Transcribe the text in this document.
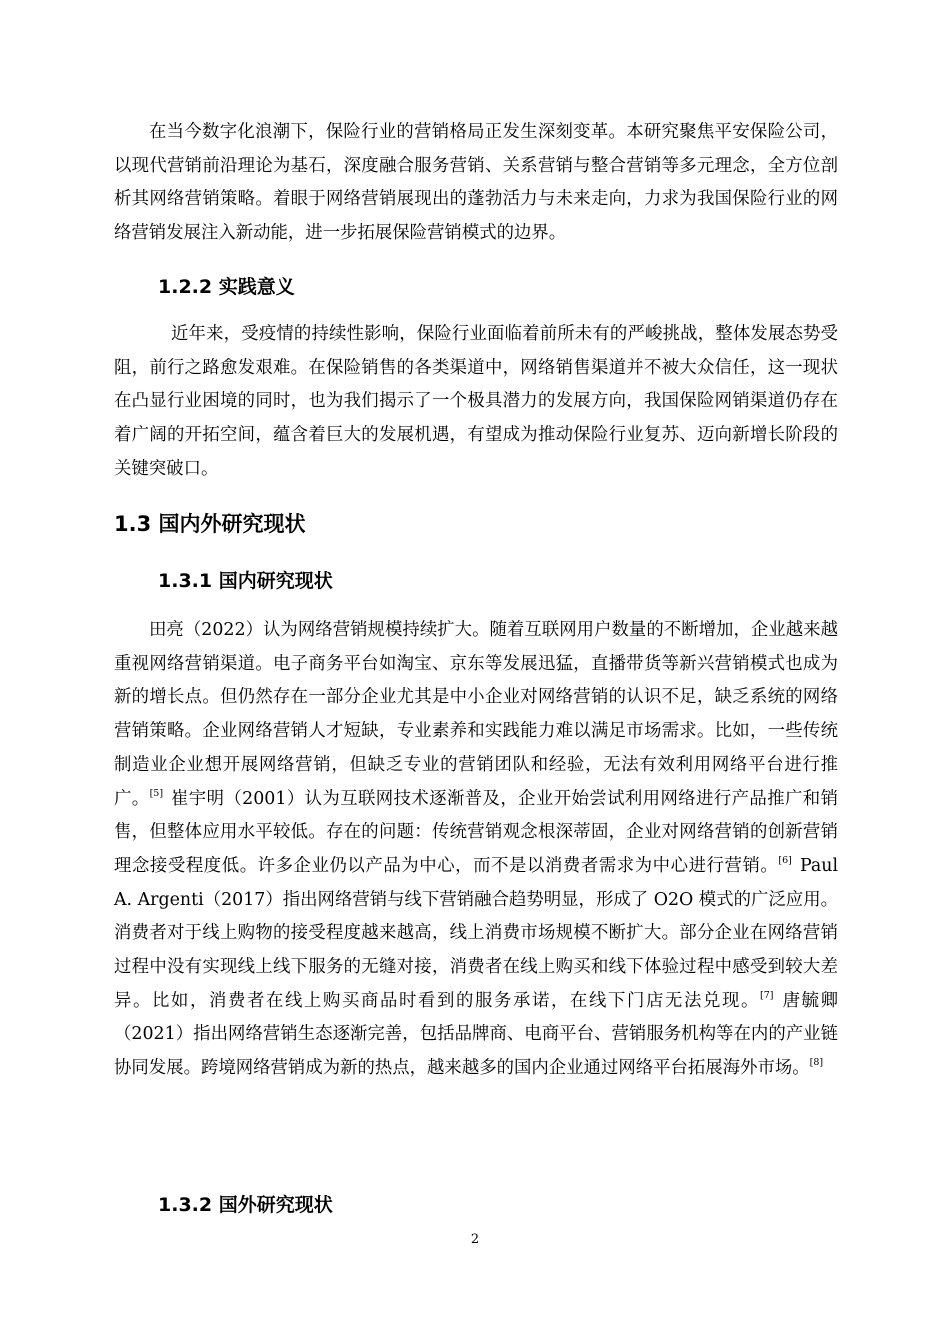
在当今数字化浪潮下，保险行业的营销格局正发生深刻变革。本研究聚焦平安保险公司，以现代营销前沿理论为基石，深度融合服务营销、关系营销与整合营销等多元理念，全方位剖析其网络营销策略。着眼于网络营销展现出的蓬勃活力与未来走向，力求为我国保险行业的网络营销发展注入新动能，进一步拓展保险营销模式的边界。

1.2.2 实践意义

近年来，受疫情的持续性影响，保险行业面临着前所未有的严峻挑战，整体发展态势受阻，前行之路愈发艰难。在保险销售的各类渠道中，网络销售渠道并不被大众信任，这一现状在凸显行业困境的同时，也为我们揭示了一个极具潜力的发展方向，我国保险网销渠道仍存在着广阔的开拓空间，蕴含着巨大的发展机遇，有望成为推动保险行业复苏、迈向新增长阶段的关键突破口。

1.3 国内外研究现状
1.3.1 国内研究现状

田亮（2022）认为网络营销规模持续扩大。随着互联网用户数量的不断增加，企业越来越重视网络营销渠道。电子商务平台如淘宝、京东等发展迅猛，直播带货等新兴营销模式也成为新的增长点。但仍然存在一部分企业尤其是中小企业对网络营销的认识不足，缺乏系统的网络营销策略。企业网络营销人才短缺，专业素养和实践能力难以满足市场需求。比如，一些传统制造业企业想开展网络营销，但缺乏专业的营销团队和经验，无法有效利用网络平台进行推广。[5] 崔宇明（2001）认为互联网技术逐渐普及，企业开始尝试利用网络进行产品推广和销售，但整体应用水平较低。存在的问题：传统营销观念根深蒂固，企业对网络营销的创新营销理念接受程度低。许多企业仍以产品为中心，而不是以消费者需求为中心进行营销。[6] Paul A. Argenti（2017）指出网络营销与线下营销融合趋势明显，形成了 O2O 模式的广泛应用。消费者对于线上购物的接受程度越来越高，线上消费市场规模不断扩大。部分企业在网络营销过程中没有实现线上线下服务的无缝对接，消费者在线上购买和线下体验过程中感受到较大差异。比如，消费者在线上购买商品时看到的服务承诺，在线下门店无法兑现。[7] 唐毓卿（2021）指出网络营销生态逐渐完善，包括品牌商、电商平台、营销服务机构等在内的产业链协同发展。跨境网络营销成为新的热点，越来越多的国内企业通过网络平台拓展海外市场。[8]

1.3.2 国外研究现状
2
